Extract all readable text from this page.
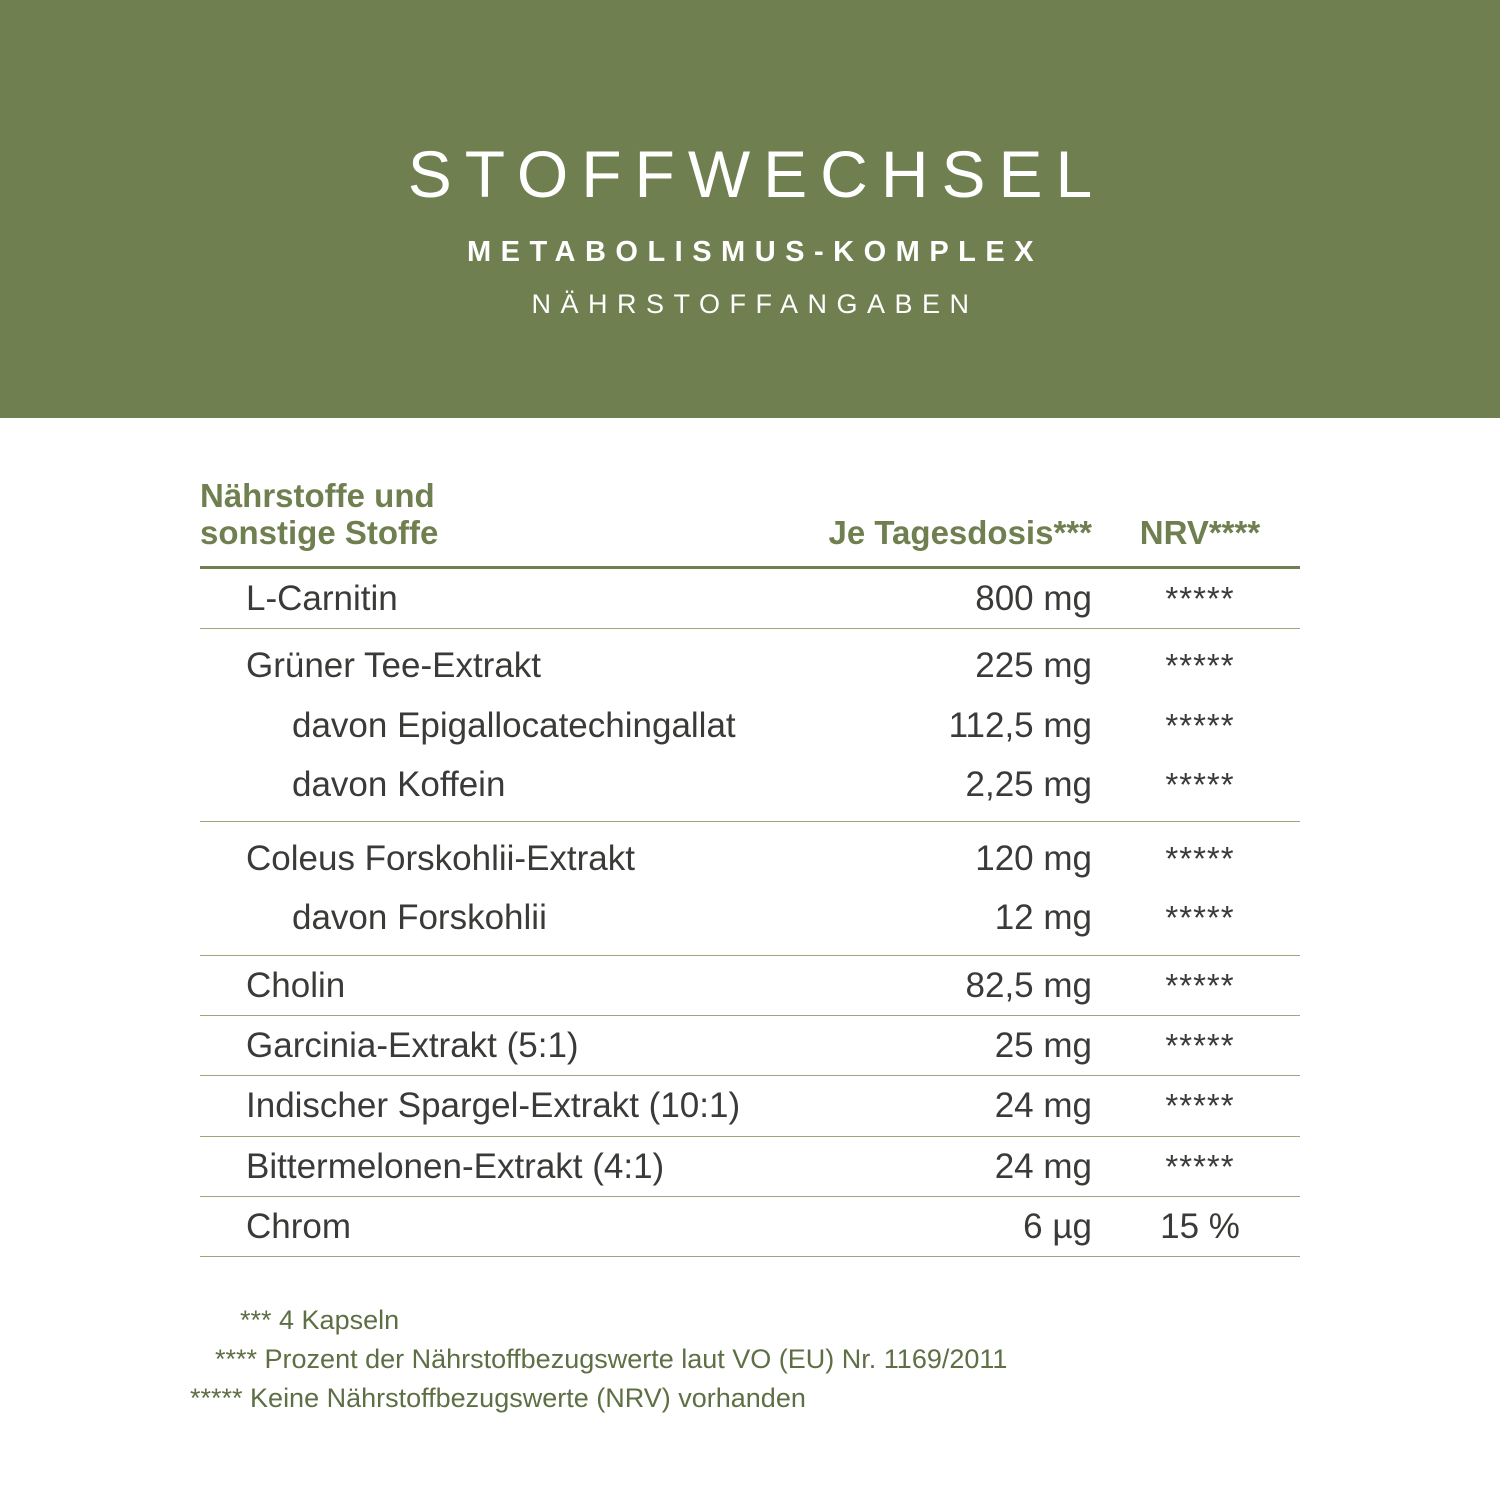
STOFFWECHSEL
METABOLISMUS-KOMPLEX
NÄHRSTOFFANGABEN
Nährstoffe und
sonstige Stoffe	Je Tagesdosis***	NRV****
L-Carnitin	800 mg	*****
Grüner Tee-Extrakt	225 mg	*****
davon Epigallocatechingallat	112,5 mg	*****
davon Koffein	2,25 mg	*****
Coleus Forskohlii-Extrakt	120 mg	*****
davon Forskohlii	12 mg	*****
Cholin	82,5 mg	*****
Garcinia-Extrakt (5:1)	25 mg	*****
Indischer Spargel-Extrakt (10:1)	24 mg	*****
Bittermelonen-Extrakt (4:1)	24 mg	*****
Chrom	6 µg	15 %
*** 4 Kapseln
**** Prozent der Nährstoffbezugswerte laut VO (EU) Nr. 1169/2011
***** Keine Nährstoffbezugswerte (NRV) vorhanden
